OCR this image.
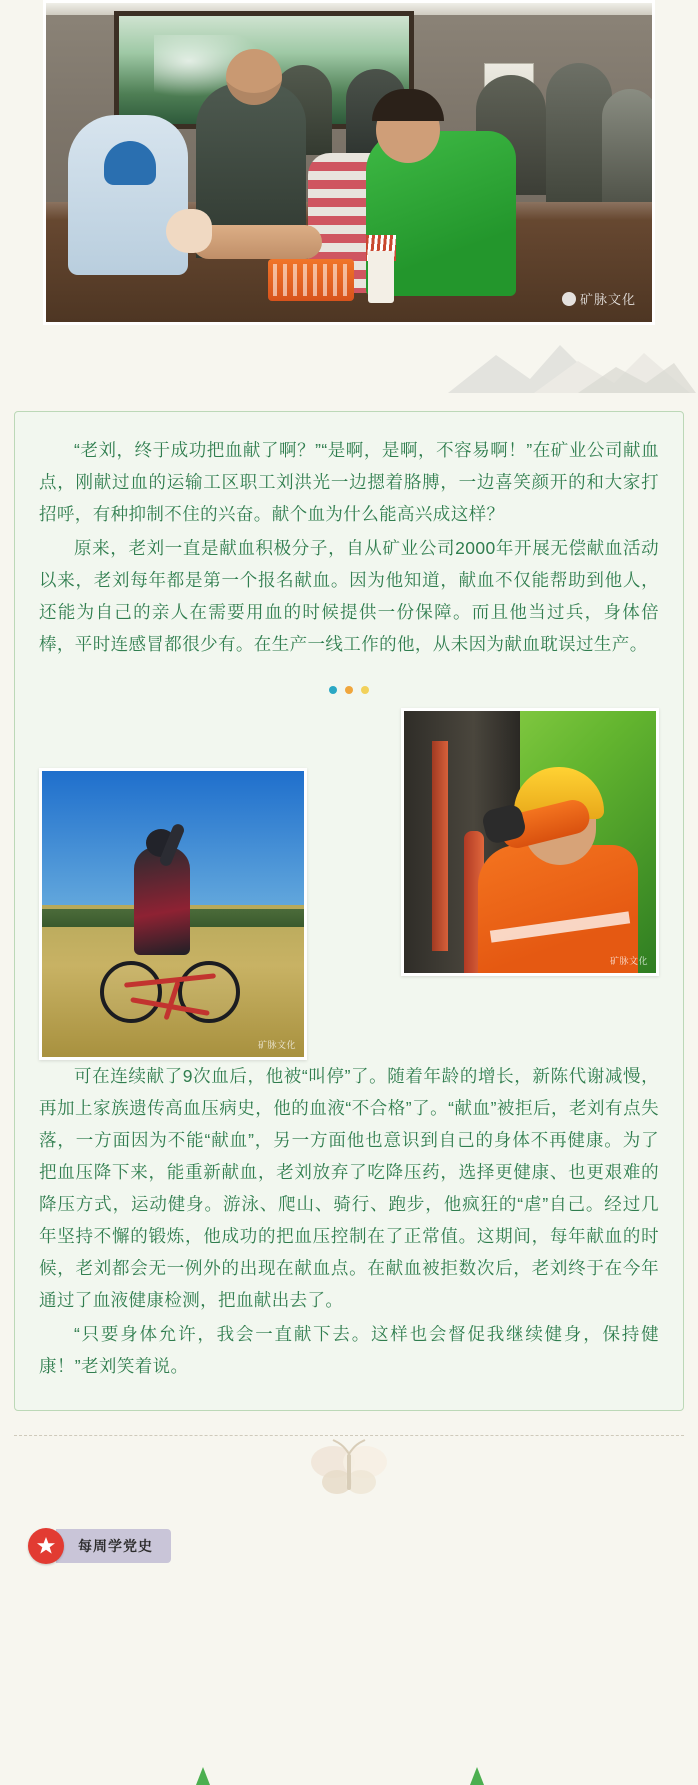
矿脉文化

“老刘，终于成功把血献了啊？”“是啊，是啊，不容易啊！”在矿业公司献血点，刚献过血的运输工区职工刘洪光一边摁着胳膊，一边喜笑颜开的和大家打招呼，有种抑制不住的兴奋。献个血为什么能高兴成这样？

原来，老刘一直是献血积极分子，自从矿业公司2000年开展无偿献血活动以来，老刘每年都是第一个报名献血。因为他知道，献血不仅能帮助到他人，还能为自己的亲人在需要用血的时候提供一份保障。而且他当过兵，身体倍棒，平时连感冒都很少有。在生产一线工作的他，从未因为献血耽误过生产。

矿脉文化
矿脉文化

可在连续献了9次血后，他被“叫停”了。随着年龄的增长，新陈代谢减慢，再加上家族遗传高血压病史，他的血液“不合格”了。“献血”被拒后，老刘有点失落，一方面因为不能“献血”，另一方面他也意识到自己的身体不再健康。为了把血压降下来，能重新献血，老刘放弃了吃降压药，选择更健康、也更艰难的降压方式，运动健身。游泳、爬山、骑行、跑步，他疯狂的“虐”自己。经过几年坚持不懈的锻炼，他成功的把血压控制在了正常值。这期间，每年献血的时候，老刘都会无一例外的出现在献血点。在献血被拒数次后，老刘终于在今年通过了血液健康检测，把血献出去了。

“只要身体允许，我会一直献下去。这样也会督促我继续健身，保持健康！”老刘笑着说。

每周学党史
